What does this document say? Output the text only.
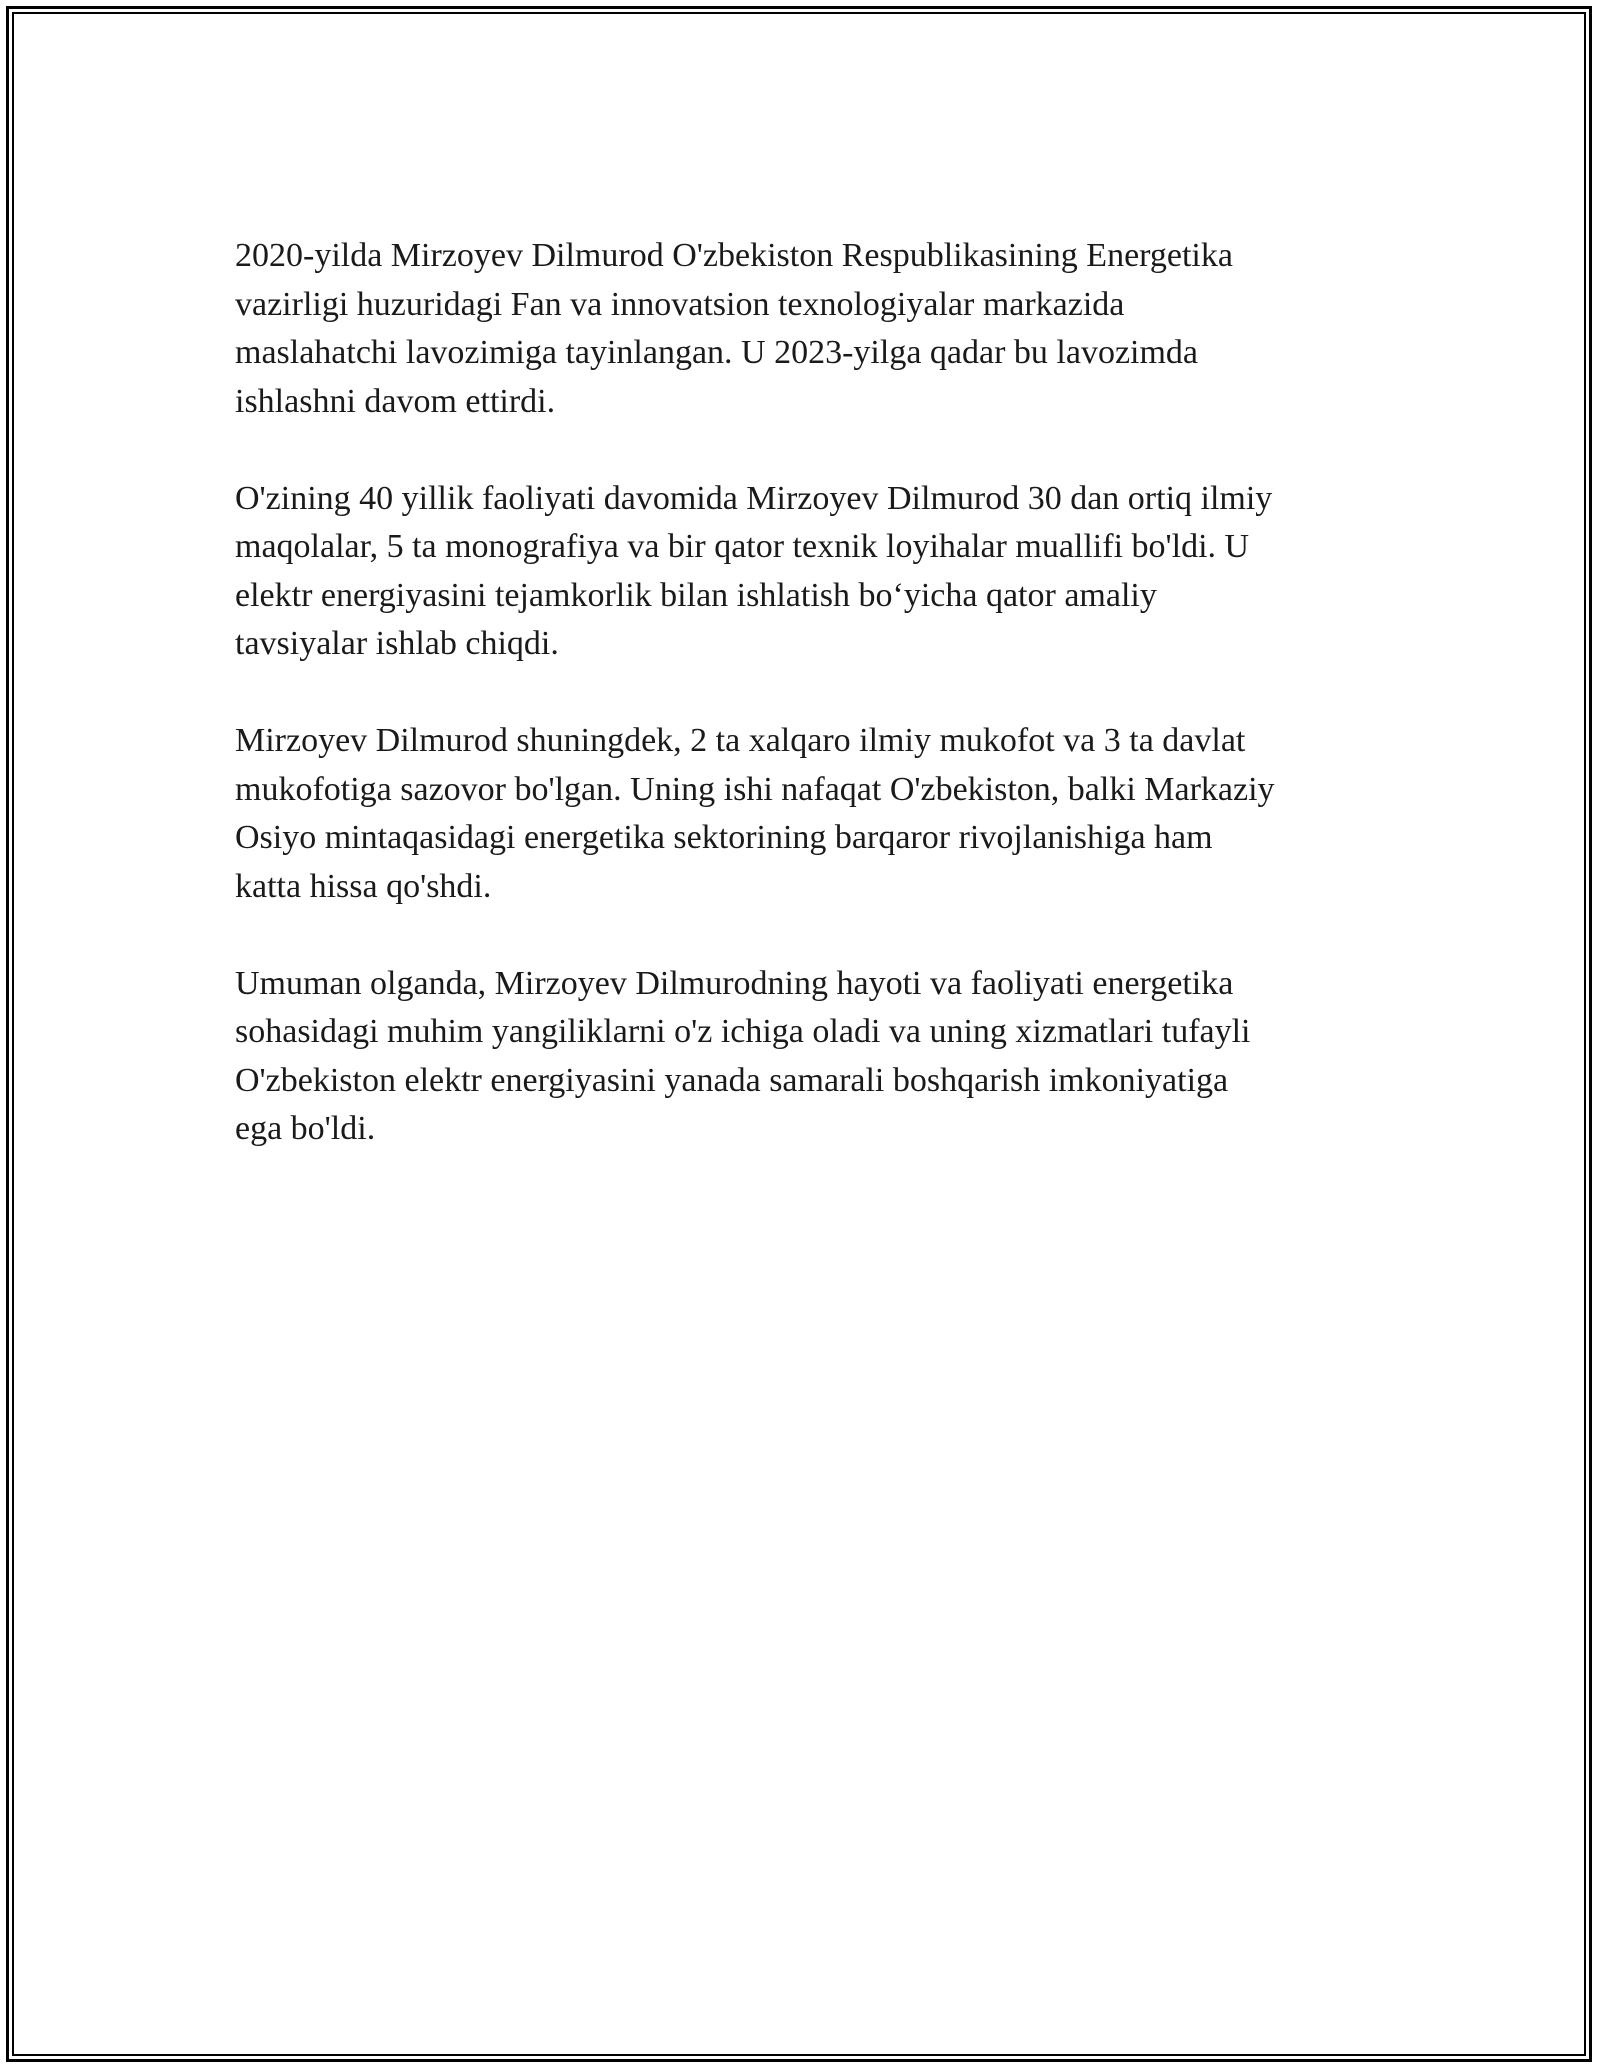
2020-yilda Mirzoyev Dilmurod O'zbekiston Respublikasining Energetika
vazirligi huzuridagi Fan va innovatsion texnologiyalar markazida
maslahatchi lavozimiga tayinlangan. U 2023-yilga qadar bu lavozimda
ishlashni davom ettirdi.

O'zining 40 yillik faoliyati davomida Mirzoyev Dilmurod 30 dan ortiq ilmiy
maqolalar, 5 ta monografiya va bir qator texnik loyihalar muallifi bo'ldi. U
elektr energiyasini tejamkorlik bilan ishlatish bo‘yicha qator amaliy
tavsiyalar ishlab chiqdi.

Mirzoyev Dilmurod shuningdek, 2 ta xalqaro ilmiy mukofot va 3 ta davlat
mukofotiga sazovor bo'lgan. Uning ishi nafaqat O'zbekiston, balki Markaziy
Osiyo mintaqasidagi energetika sektorining barqaror rivojlanishiga ham
katta hissa qo'shdi.

Umuman olganda, Mirzoyev Dilmurodning hayoti va faoliyati energetika
sohasidagi muhim yangiliklarni o'z ichiga oladi va uning xizmatlari tufayli
O'zbekiston elektr energiyasini yanada samarali boshqarish imkoniyatiga
ega bo'ldi.
